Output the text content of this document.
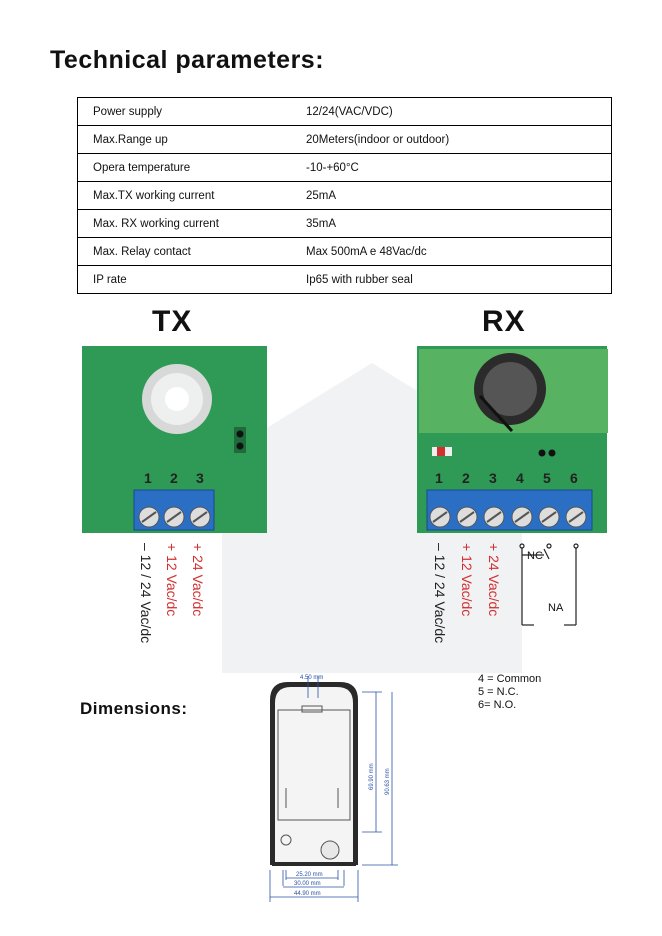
Technical parameters:
Power supply	12/24(VAC/VDC)
Max.Range up	20Meters(indoor or outdoor)
Opera temperature	-10-+60°C
Max.TX working current	25mA
Max. RX working current	35mA
Max. Relay contact	Max 500mA e 48Vac/dc
IP rate	Ip65 with rubber seal
TX	RX
1 2 3	1 2 3 4 5 6
– 12 / 24 Vac/dc + 12 Vac/dc + 24 Vac/dc	– 12 / 24 Vac/dc + 12 Vac/dc + 24 Vac/dc NC
NA
4 = Common
5 = N.C.
6= N.O.
Dimensions:
4.50 mm
69.90 mm 90.63 mm
25.20 mm
30.00 mm
44.90 mm
